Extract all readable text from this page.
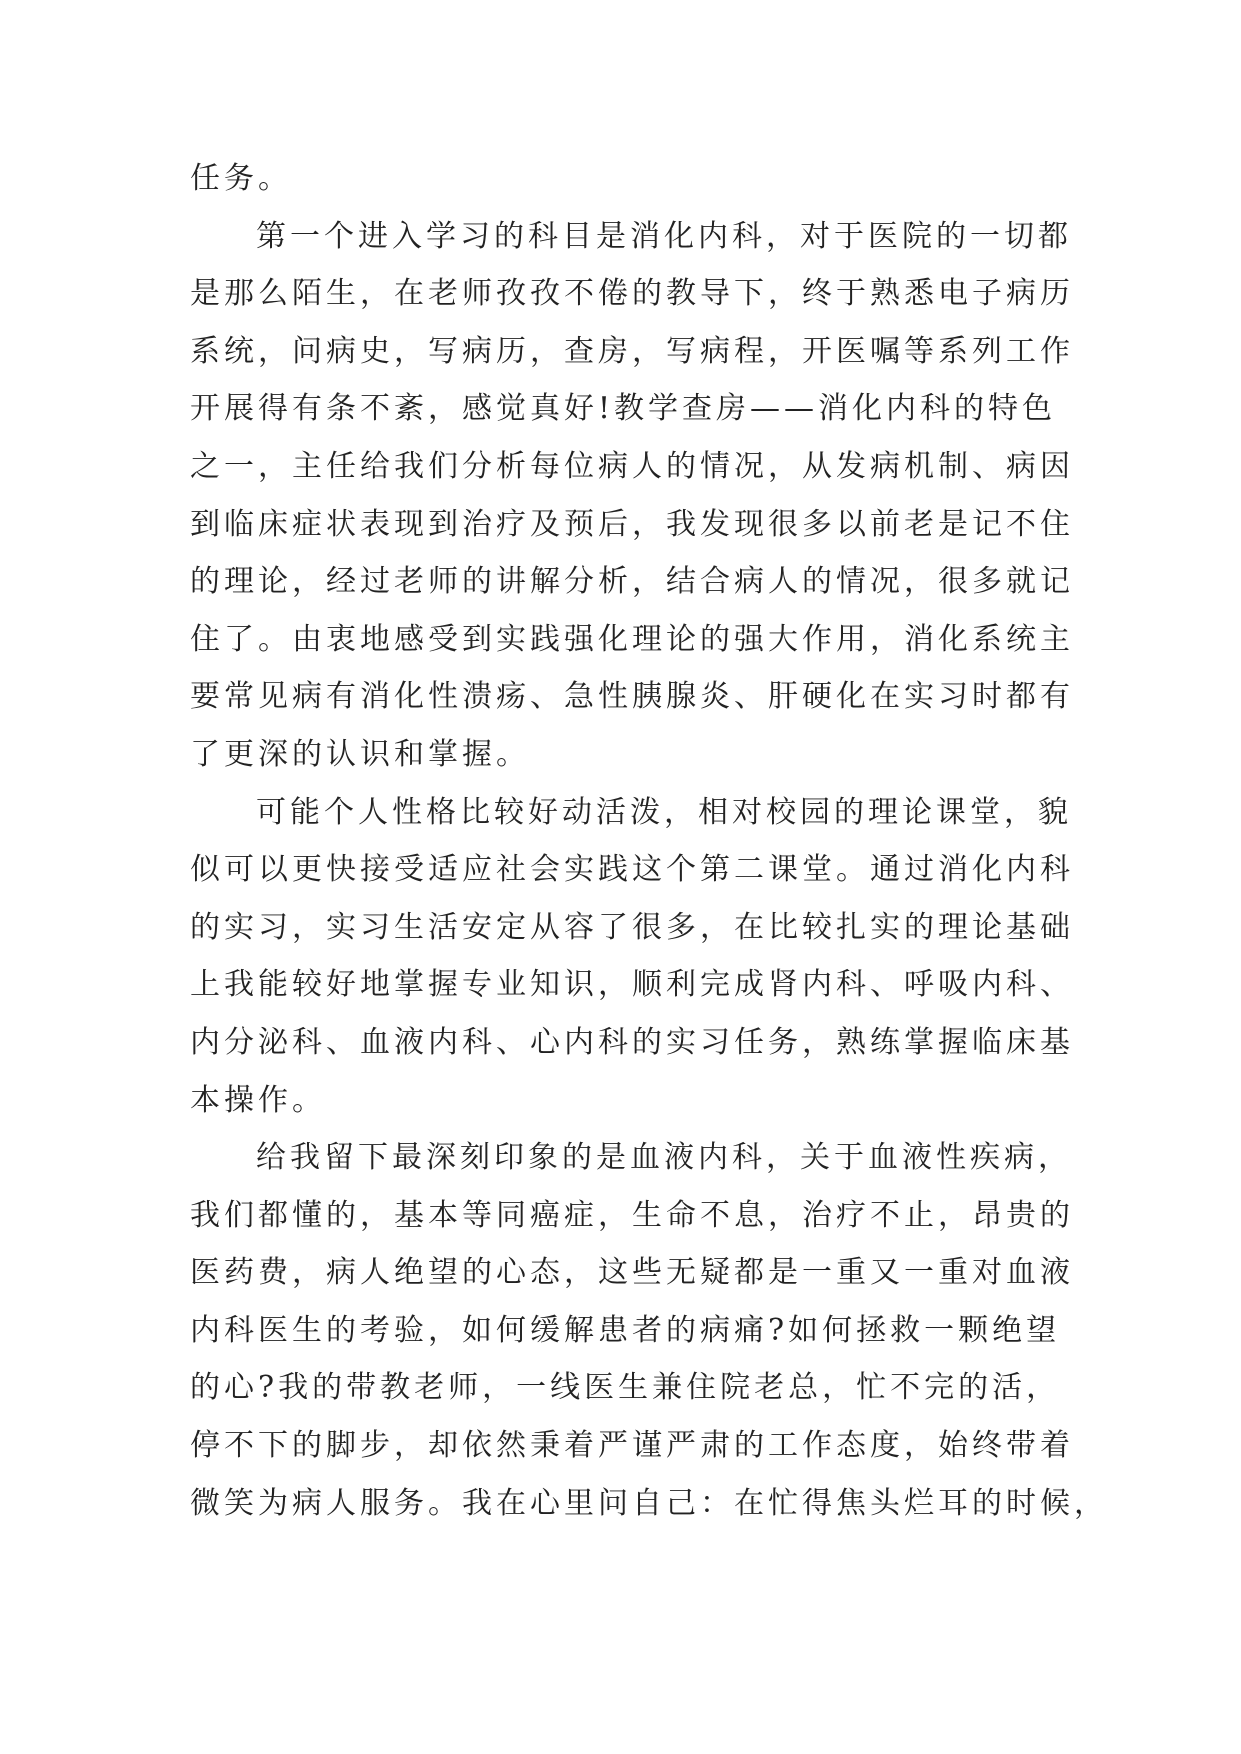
任务。
第一个进入学习的科目是消化内科，对于医院的一切都
是那么陌生，在老师孜孜不倦的教导下，终于熟悉电子病历
系统，问病史，写病历，查房，写病程，开医嘱等系列工作
开展得有条不紊，感觉真好!教学查房——消化内科的特色
之一，主任给我们分析每位病人的情况，从发病机制、病因
到临床症状表现到治疗及预后，我发现很多以前老是记不住
的理论，经过老师的讲解分析，结合病人的情况，很多就记
住了。由衷地感受到实践强化理论的强大作用，消化系统主
要常见病有消化性溃疡、急性胰腺炎、肝硬化在实习时都有
了更深的认识和掌握。
可能个人性格比较好动活泼，相对校园的理论课堂，貌
似可以更快接受适应社会实践这个第二课堂。通过消化内科
的实习，实习生活安定从容了很多，在比较扎实的理论基础
上我能较好地掌握专业知识，顺利完成肾内科、呼吸内科、
内分泌科、血液内科、心内科的实习任务，熟练掌握临床基
本操作。
给我留下最深刻印象的是血液内科，关于血液性疾病，
我们都懂的，基本等同癌症，生命不息，治疗不止，昂贵的
医药费，病人绝望的心态，这些无疑都是一重又一重对血液
内科医生的考验，如何缓解患者的病痛?如何拯救一颗绝望
的心?我的带教老师，一线医生兼住院老总，忙不完的活，
停不下的脚步，却依然秉着严谨严肃的工作态度，始终带着
微笑为病人服务。我在心里问自己：在忙得焦头烂耳的时候，
